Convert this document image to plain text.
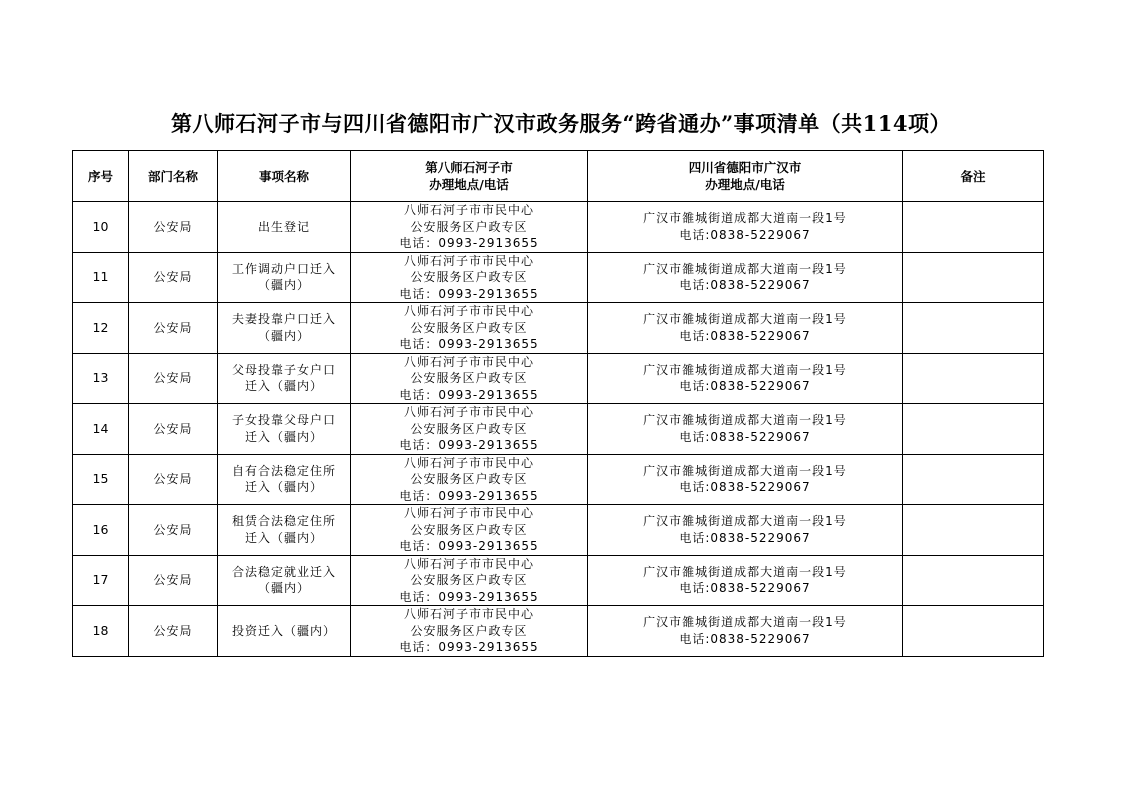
第八师石河子市与四川省德阳市广汉市政务服务“跨省通办”事项清单（共114项）
序号	部门名称	事项名称	第八师石河子市
办理地点/电话	四川省德阳市广汉市
办理地点/电话	备注
10	公安局	出生登记	八师石河子市市民中心
公安服务区户政专区
电话：0993-2913655	广汉市雒城街道成都大道南一段1号
电话:0838-5229067	

11	公安局	工作调动户口迁入
（疆内）	八师石河子市市民中心
公安服务区户政专区
电话：0993-2913655	广汉市雒城街道成都大道南一段1号
电话:0838-5229067	

12	公安局	夫妻投靠户口迁入
（疆内）	八师石河子市市民中心
公安服务区户政专区
电话：0993-2913655	广汉市雒城街道成都大道南一段1号
电话:0838-5229067	

13	公安局	父母投靠子女户口
迁入（疆内）	八师石河子市市民中心
公安服务区户政专区
电话：0993-2913655	广汉市雒城街道成都大道南一段1号
电话:0838-5229067	

14	公安局	子女投靠父母户口
迁入（疆内）	八师石河子市市民中心
公安服务区户政专区
电话：0993-2913655	广汉市雒城街道成都大道南一段1号
电话:0838-5229067	

15	公安局	自有合法稳定住所
迁入（疆内）	八师石河子市市民中心
公安服务区户政专区
电话：0993-2913655	广汉市雒城街道成都大道南一段1号
电话:0838-5229067	

16	公安局	租赁合法稳定住所
迁入（疆内）	八师石河子市市民中心
公安服务区户政专区
电话：0993-2913655	广汉市雒城街道成都大道南一段1号
电话:0838-5229067	

17	公安局	合法稳定就业迁入
（疆内）	八师石河子市市民中心
公安服务区户政专区
电话：0993-2913655	广汉市雒城街道成都大道南一段1号
电话:0838-5229067	

18	公安局	投资迁入（疆内）	八师石河子市市民中心
公安服务区户政专区
电话：0993-2913655	广汉市雒城街道成都大道南一段1号
电话:0838-5229067	
